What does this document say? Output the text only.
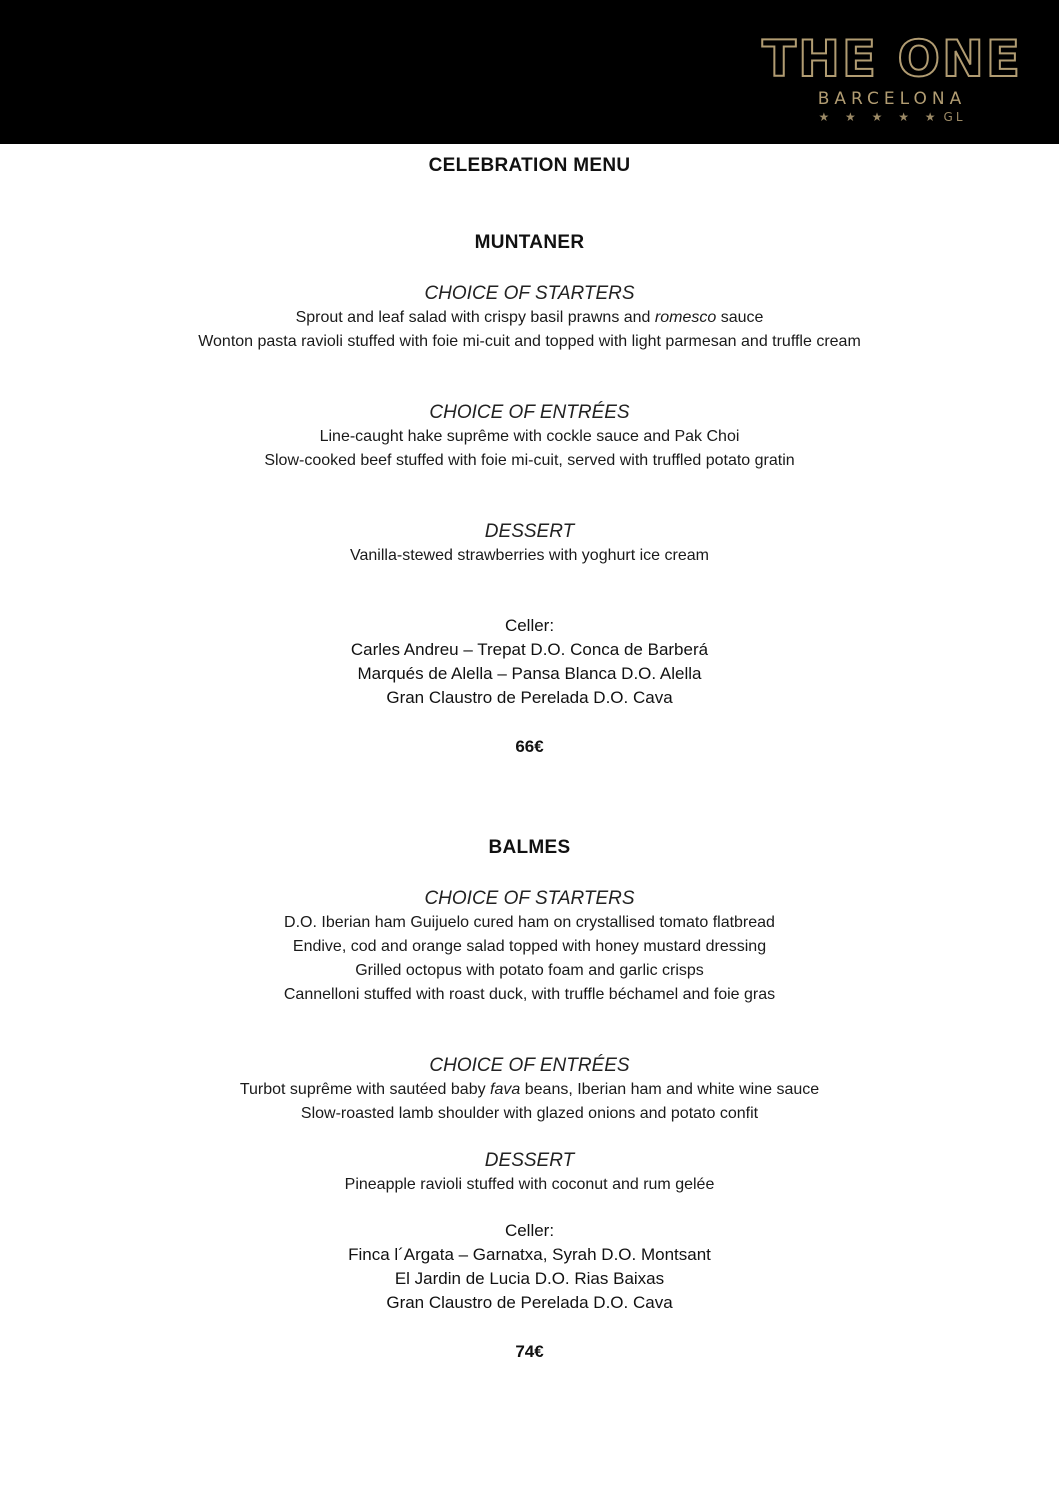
THE ONE
BARCELONA
★ ★ ★ ★ ★ GL
CELEBRATION MENU
MUNTANER
CHOICE OF STARTERS
Sprout and leaf salad with crispy basil prawns and romesco sauce
Wonton pasta ravioli stuffed with foie mi-cuit and topped with light parmesan and truffle cream
CHOICE OF ENTRÉES
Line-caught hake suprême with cockle sauce and Pak Choi
Slow-cooked beef stuffed with foie mi-cuit, served with truffled potato gratin
DESSERT
Vanilla-stewed strawberries with yoghurt ice cream
Celler:
Carles Andreu – Trepat D.O. Conca de Barberá
Marqués de Alella – Pansa Blanca D.O. Alella
Gran Claustro de Perelada D.O. Cava
66€
BALMES
CHOICE OF STARTERS
D.O. Iberian ham Guijuelo cured ham on crystallised tomato flatbread
Endive, cod and orange salad topped with honey mustard dressing
Grilled octopus with potato foam and garlic crisps
Cannelloni stuffed with roast duck, with truffle béchamel and foie gras
CHOICE OF ENTRÉES
Turbot suprême with sautéed baby fava beans, Iberian ham and white wine sauce
Slow-roasted lamb shoulder with glazed onions and potato confit
DESSERT
Pineapple ravioli stuffed with coconut and rum gelée
Celler:
Finca l´Argata – Garnatxa, Syrah D.O. Montsant
El Jardin de Lucia D.O. Rias Baixas
Gran Claustro de Perelada D.O. Cava
74€
